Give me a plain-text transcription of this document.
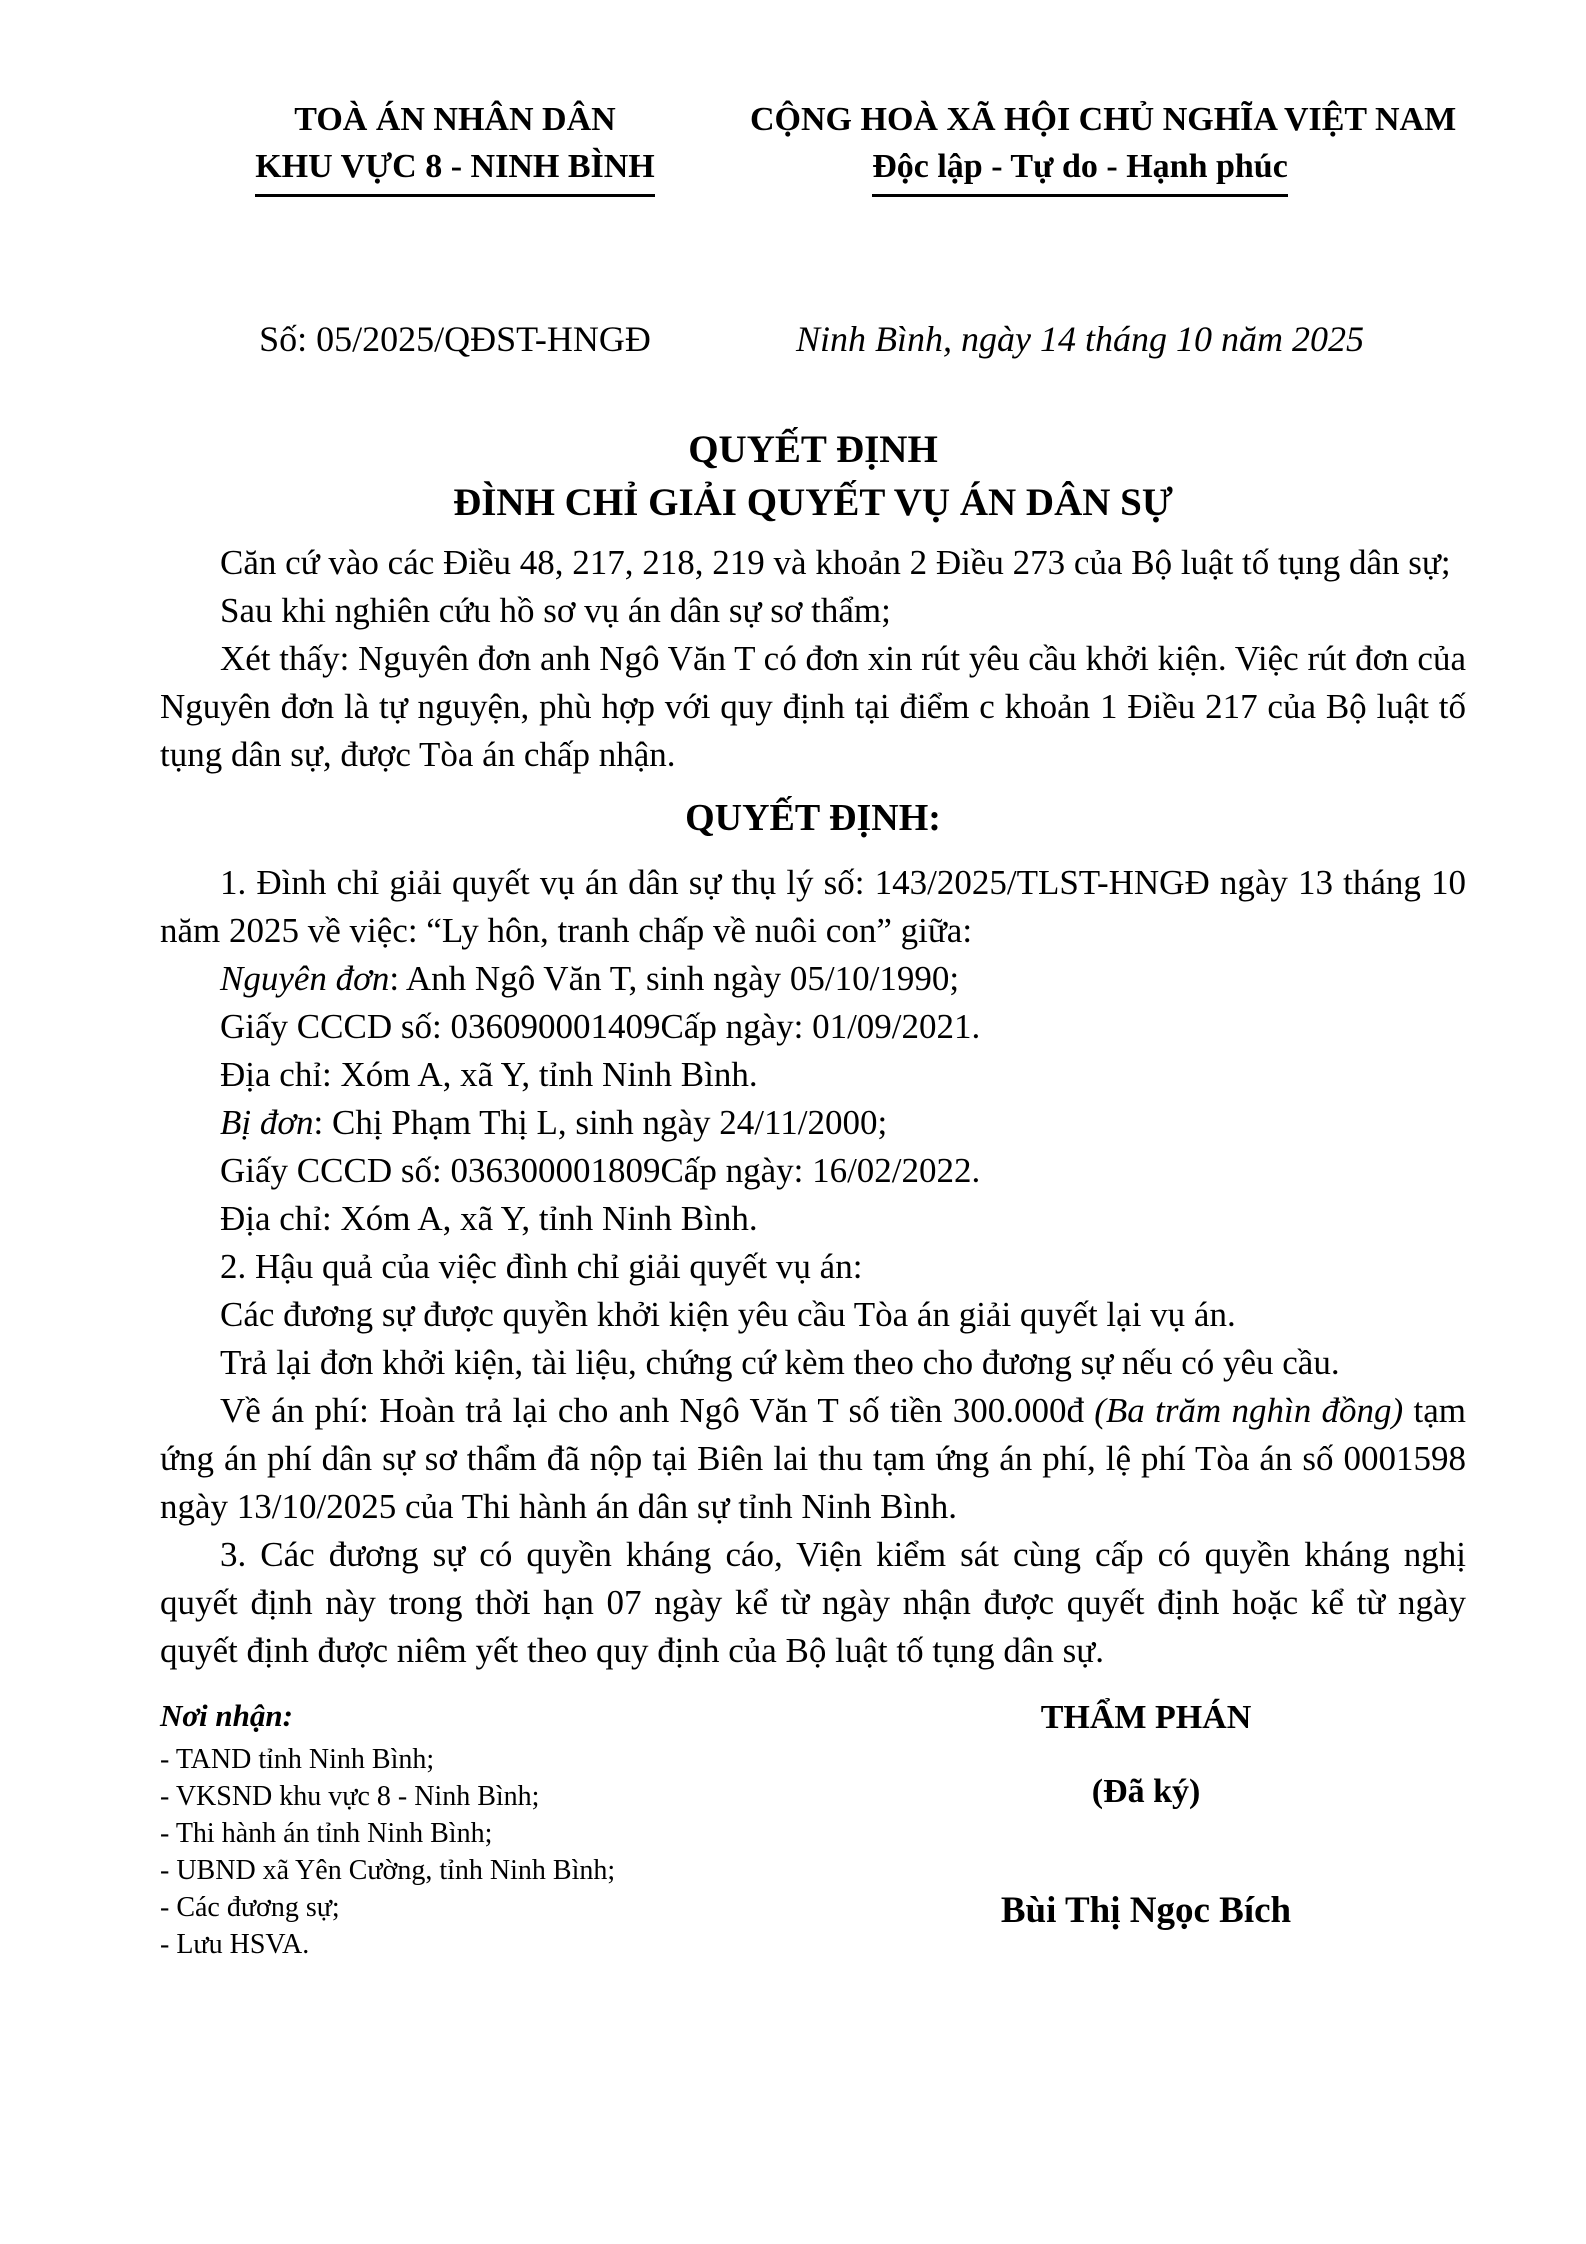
TOÀ ÁN NHÂN DÂN
KHU VỰC 8 - NINH BÌNH
CỘNG HOÀ XÃ HỘI CHỦ NGHĨA VIỆT NAM
Độc lập - Tự do - Hạnh phúc
Số: 05/2025/QĐST-HNGĐ	Ninh Bình, ngày 14 tháng 10 năm 2025
QUYẾT ĐỊNH
ĐÌNH CHỈ GIẢI QUYẾT VỤ ÁN DÂN SỰ

Căn cứ vào các Điều 48, 217, 218, 219 và khoản 2 Điều 273 của Bộ luật tố tụng dân sự;

Sau khi nghiên cứu hồ sơ vụ án dân sự sơ thẩm;

Xét thấy: Nguyên đơn anh Ngô Văn T có đơn xin rút yêu cầu khởi kiện. Việc rút đơn của Nguyên đơn là tự nguyện, phù hợp với quy định tại điểm c khoản 1 Điều 217 của Bộ luật tố tụng dân sự, được Tòa án chấp nhận.

QUYẾT ĐỊNH:

1. Đình chỉ giải quyết vụ án dân sự thụ lý số: 143/2025/TLST-HNGĐ ngày 13 tháng 10 năm 2025 về việc: “Ly hôn, tranh chấp về nuôi con” giữa:

Nguyên đơn: Anh Ngô Văn T, sinh ngày 05/10/1990;

Giấy CCCD số: 036090001409Cấp ngày: 01/09/2021.

Địa chỉ: Xóm A, xã Y, tỉnh Ninh Bình.

Bị đơn: Chị Phạm Thị L, sinh ngày 24/11/2000;

Giấy CCCD số: 036300001809Cấp ngày: 16/02/2022.

Địa chỉ: Xóm A, xã Y, tỉnh Ninh Bình.

2. Hậu quả của việc đình chỉ giải quyết vụ án:

Các đương sự được quyền khởi kiện yêu cầu Tòa án giải quyết lại vụ án.

Trả lại đơn khởi kiện, tài liệu, chứng cứ kèm theo cho đương sự nếu có yêu cầu.

Về án phí: Hoàn trả lại cho anh Ngô Văn T số tiền 300.000đ (Ba trăm nghìn đồng) tạm ứng án phí dân sự sơ thẩm đã nộp tại Biên lai thu tạm ứng án phí, lệ phí Tòa án số 0001598 ngày 13/10/2025 của Thi hành án dân sự tỉnh Ninh Bình.

3. Các đương sự có quyền kháng cáo, Viện kiểm sát cùng cấp có quyền kháng nghị quyết định này trong thời hạn 07 ngày kể từ ngày nhận được quyết định hoặc kể từ ngày quyết định được niêm yết theo quy định của Bộ luật tố tụng dân sự.

Nơi nhận:
- TAND tỉnh Ninh Bình;
- VKSND khu vực 8 - Ninh Bình;
- Thi hành án tỉnh Ninh Bình;
- UBND xã Yên Cường, tỉnh Ninh Bình;
- Các đương sự;
- Lưu HSVA.
THẨM PHÁN
(Đã ký)
Bùi Thị Ngọc Bích
